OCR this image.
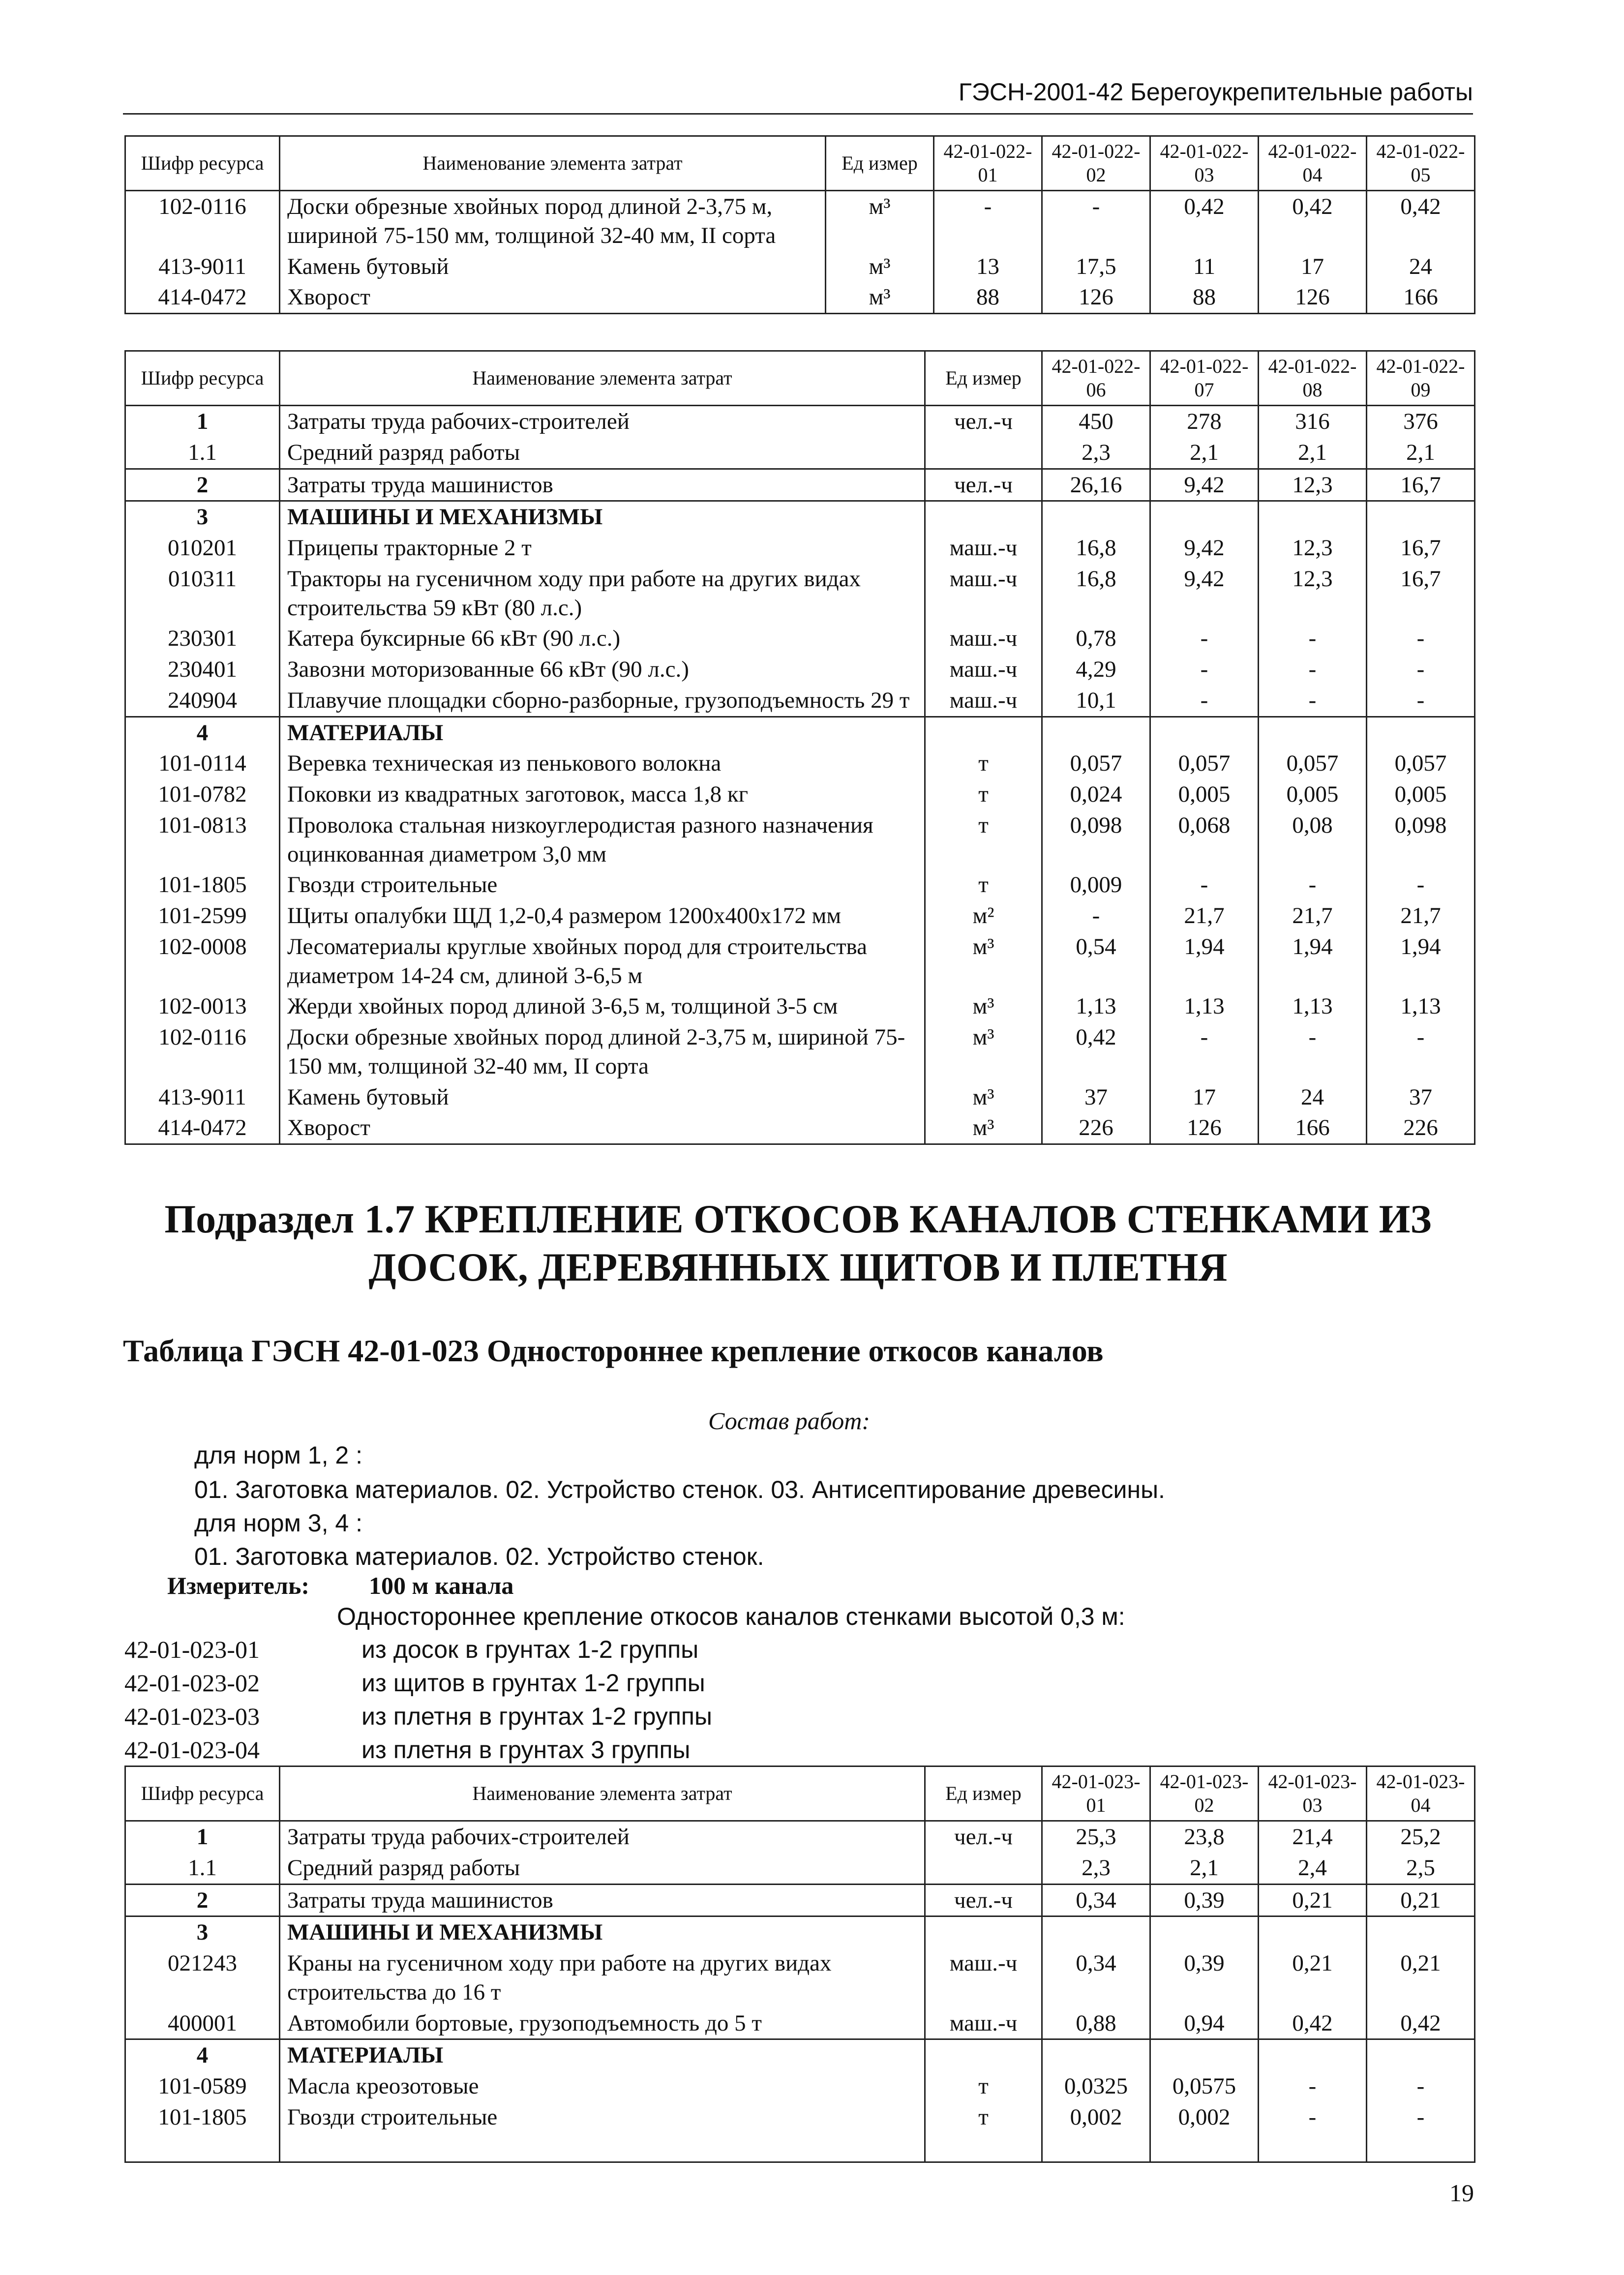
ГЭСН-2001-42 Берегоукрепительные работы
Шифр ресурса	Наименование элемента затрат	Ед измер	42-01-022-01	42-01-022-02	42-01-022-03	42-01-022-04	42-01-022-05
102-0116	Доски обрезные хвойных пород длиной 2-3,75 м, шириной 75-150 мм, толщиной 32-40 мм, II сорта	м³	-	-	0,42	0,42	0,42
413-9011	Камень бутовый	м³	13	17,5	11	17	24
414-0472	Хворост	м³	88	126	88	126	166
Шифр ресурса	Наименование элемента затрат	Ед измер	42-01-022-06	42-01-022-07	42-01-022-08	42-01-022-09
1	Затраты труда рабочих-строителей	чел.-ч	450	278	316	376
1.1	Средний разряд работы		2,3	2,1	2,1	2,1
2	Затраты труда машинистов	чел.-ч	26,16	9,42	12,3	16,7
3	МАШИНЫ И МЕХАНИЗМЫ					
010201	Прицепы тракторные 2 т	маш.-ч	16,8	9,42	12,3	16,7
010311	Тракторы на гусеничном ходу при работе на других видах строительства 59 кВт (80 л.с.)	маш.-ч	16,8	9,42	12,3	16,7
230301	Катера буксирные 66 кВт (90 л.с.)	маш.-ч	0,78	-	-	-
230401	Завозни моторизованные 66 кВт (90 л.с.)	маш.-ч	4,29	-	-	-
240904	Плавучие площадки сборно-разборные, грузоподъемность 29 т	маш.-ч	10,1	-	-	-
4	МАТЕРИАЛЫ					
101-0114	Веревка техническая из пенькового волокна	т	0,057	0,057	0,057	0,057
101-0782	Поковки из квадратных заготовок, масса 1,8 кг	т	0,024	0,005	0,005	0,005
101-0813	Проволока стальная низкоуглеродистая разного назначения оцинкованная диаметром 3,0 мм	т	0,098	0,068	0,08	0,098
101-1805	Гвозди строительные	т	0,009	-	-	-
101-2599	Щиты опалубки ЩД 1,2-0,4 размером 1200x400x172 мм	м²	-	21,7	21,7	21,7
102-0008	Лесоматериалы круглые хвойных пород для строительства диаметром 14-24 см, длиной 3-6,5 м	м³	0,54	1,94	1,94	1,94
102-0013	Жерди хвойных пород длиной 3-6,5 м, толщиной 3-5 см	м³	1,13	1,13	1,13	1,13
102-0116	Доски обрезные хвойных пород длиной 2-3,75 м, шириной 75-150 мм, толщиной 32-40 мм, II сорта	м³	0,42	-	-	-
413-9011	Камень бутовый	м³	37	17	24	37
414-0472	Хворост	м³	226	126	166	226
Подраздел 1.7 КРЕПЛЕНИЕ ОТКОСОВ КАНАЛОВ СТЕНКАМИ ИЗ ДОСОК, ДЕРЕВЯННЫХ ЩИТОВ И ПЛЕТНЯ
Таблица ГЭСН 42-01-023 Одностороннее крепление откосов каналов
Состав работ:
для норм 1, 2 :
01. Заготовка материалов. 02. Устройство стенок. 03. Антисептирование древесины.
для норм 3, 4 :
01. Заготовка материалов. 02. Устройство стенок.
Измеритель: 100 м канала
Одностороннее крепление откосов каналов стенками высотой 0,3 м:
42-01-023-01	из досок в грунтах 1-2 группы
42-01-023-02	из щитов в грунтах 1-2 группы
42-01-023-03	из плетня в грунтах 1-2 группы
42-01-023-04	из плетня в грунтах 3 группы
Шифр ресурса	Наименование элемента затрат	Ед измер	42-01-023-01	42-01-023-02	42-01-023-03	42-01-023-04
1	Затраты труда рабочих-строителей	чел.-ч	25,3	23,8	21,4	25,2
1.1	Средний разряд работы		2,3	2,1	2,4	2,5
2	Затраты труда машинистов	чел.-ч	0,34	0,39	0,21	0,21
3	МАШИНЫ И МЕХАНИЗМЫ					
021243	Краны на гусеничном ходу при работе на других видах строительства до 16 т	маш.-ч	0,34	0,39	0,21	0,21
400001	Автомобили бортовые, грузоподъемность до 5 т	маш.-ч	0,88	0,94	0,42	0,42
4	МАТЕРИАЛЫ					
101-0589	Масла креозотовые	т	0,0325	0,0575	-	-
101-1805	Гвозди строительные	т	0,002	0,002	-	-

19
